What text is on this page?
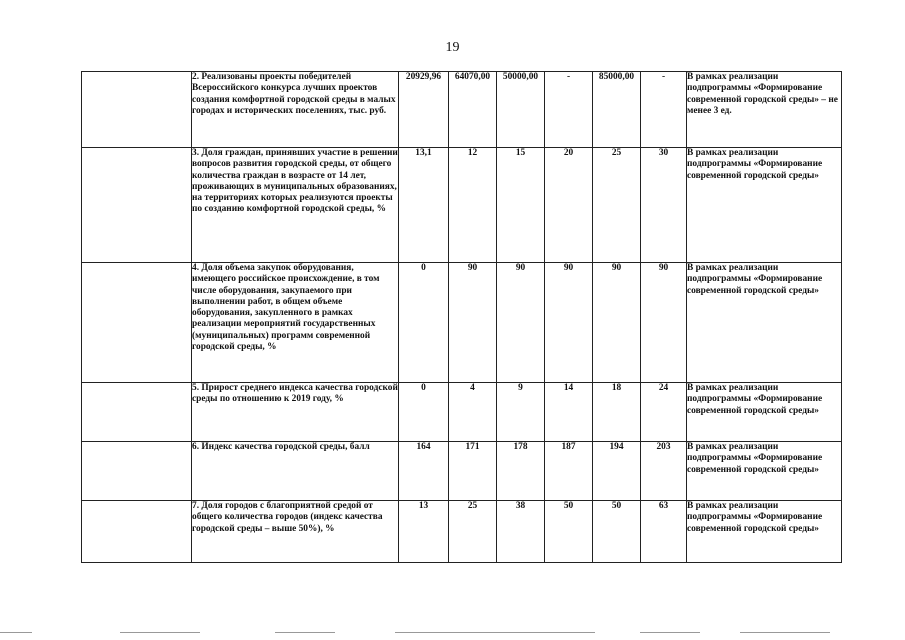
19
	2. Реализованы проекты победителей Всероссийского конкурса лучших проектов создания комфортной городской среды в малых городах и исторических поселениях, тыс. руб.	20929,96	64070,00	50000,00	-	85000,00	-	В рамках реализации подпрограммы «Формирование современной городской среды» – не менее 3 ед.
	3. Доля граждан, принявших участие в решении вопросов развития городской среды, от общего количества граждан в возрасте от 14 лет, проживающих в муниципальных образованиях, на территориях которых реализуются проекты по созданию комфортной городской среды, %	13,1	12	15	20	25	30	В рамках реализации подпрограммы «Формирование современной городской среды»
	4. Доля объема закупок оборудования, имеющего российское происхождение, в том числе оборудования, закупаемого при выполнении работ, в общем объеме оборудования, закупленного в рамках реализации мероприятий государственных (муниципальных) программ современной городской среды, %	0	90	90	90	90	90	В рамках реализации подпрограммы «Формирование современной городской среды»
	5. Прирост среднего индекса качества городской среды по отношению к 2019 году, %	0	4	9	14	18	24	В рамках реализации подпрограммы «Формирование современной городской среды»
	6. Индекс качества городской среды, балл	164	171	178	187	194	203	В рамках реализации подпрограммы «Формирование современной городской среды»
	7. Доля городов с благоприятной средой от общего количества городов (индекс качества городской среды – выше 50%), %	13	25	38	50	50	63	В рамках реализации подпрограммы «Формирование современной городской среды»
